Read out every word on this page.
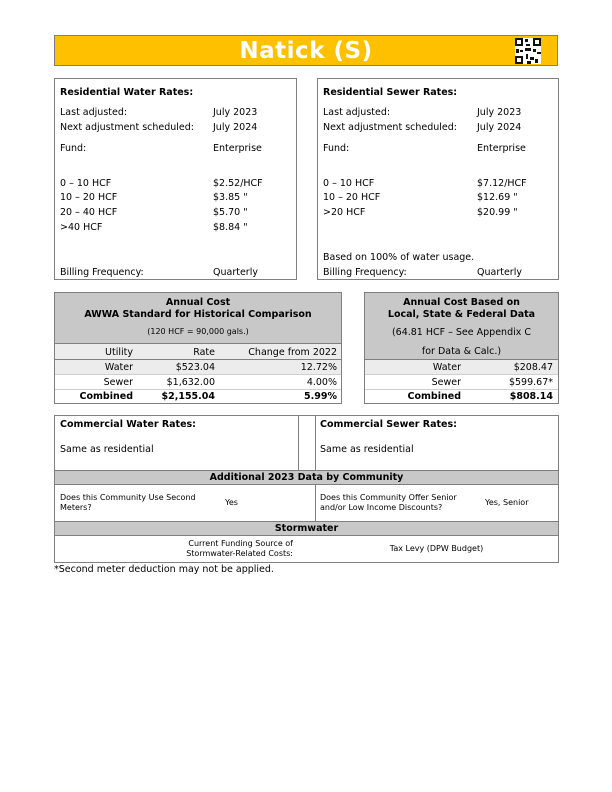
Natick (S)
Residential Water Rates:
Last adjusted:	July 2023
Next adjustment scheduled: July 2024
Fund:	Enterprise
0 – 10 HCF	$2.52/HCF
10 – 20 HCF	$3.85 "
20 – 40 HCF	$5.70 "
>40 HCF	$8.84 "
Billing Frequency:	Quarterly
Residential Sewer Rates:
Last adjusted:	July 2023
Next adjustment scheduled: July 2024
Fund:	Enterprise
0 – 10 HCF	$7.12/HCF
10 – 20 HCF	$12.69 "
>20 HCF	$20.99 "
Based on 100% of water usage.
Billing Frequency:	Quarterly
Annual Cost
AWWA Standard for Historical Comparison
(120 HCF = 90,000 gals.)
Utility	Rate	Change from 2022
Water	$523.04	12.72%
Sewer	$1,632.00	4.00%
Combined	$2,155.04	5.99%
Annual Cost Based on
Local, State & Federal Data
(64.81 HCF – See Appendix C
for Data & Calc.)
Water	$208.47
Sewer	$599.67*
Combined	$808.14
Commercial Water Rates:
Same as residential
Commercial Sewer Rates:
Same as residential
Additional 2023 Data by Community
Does this Community Use Second Meters?
Yes
Does this Community Offer Senior and/or Low Income Discounts?
Yes, Senior
Stormwater
Current Funding Source of Stormwater-Related Costs:
Tax Levy (DPW Budget)
*Second meter deduction may not be applied.
